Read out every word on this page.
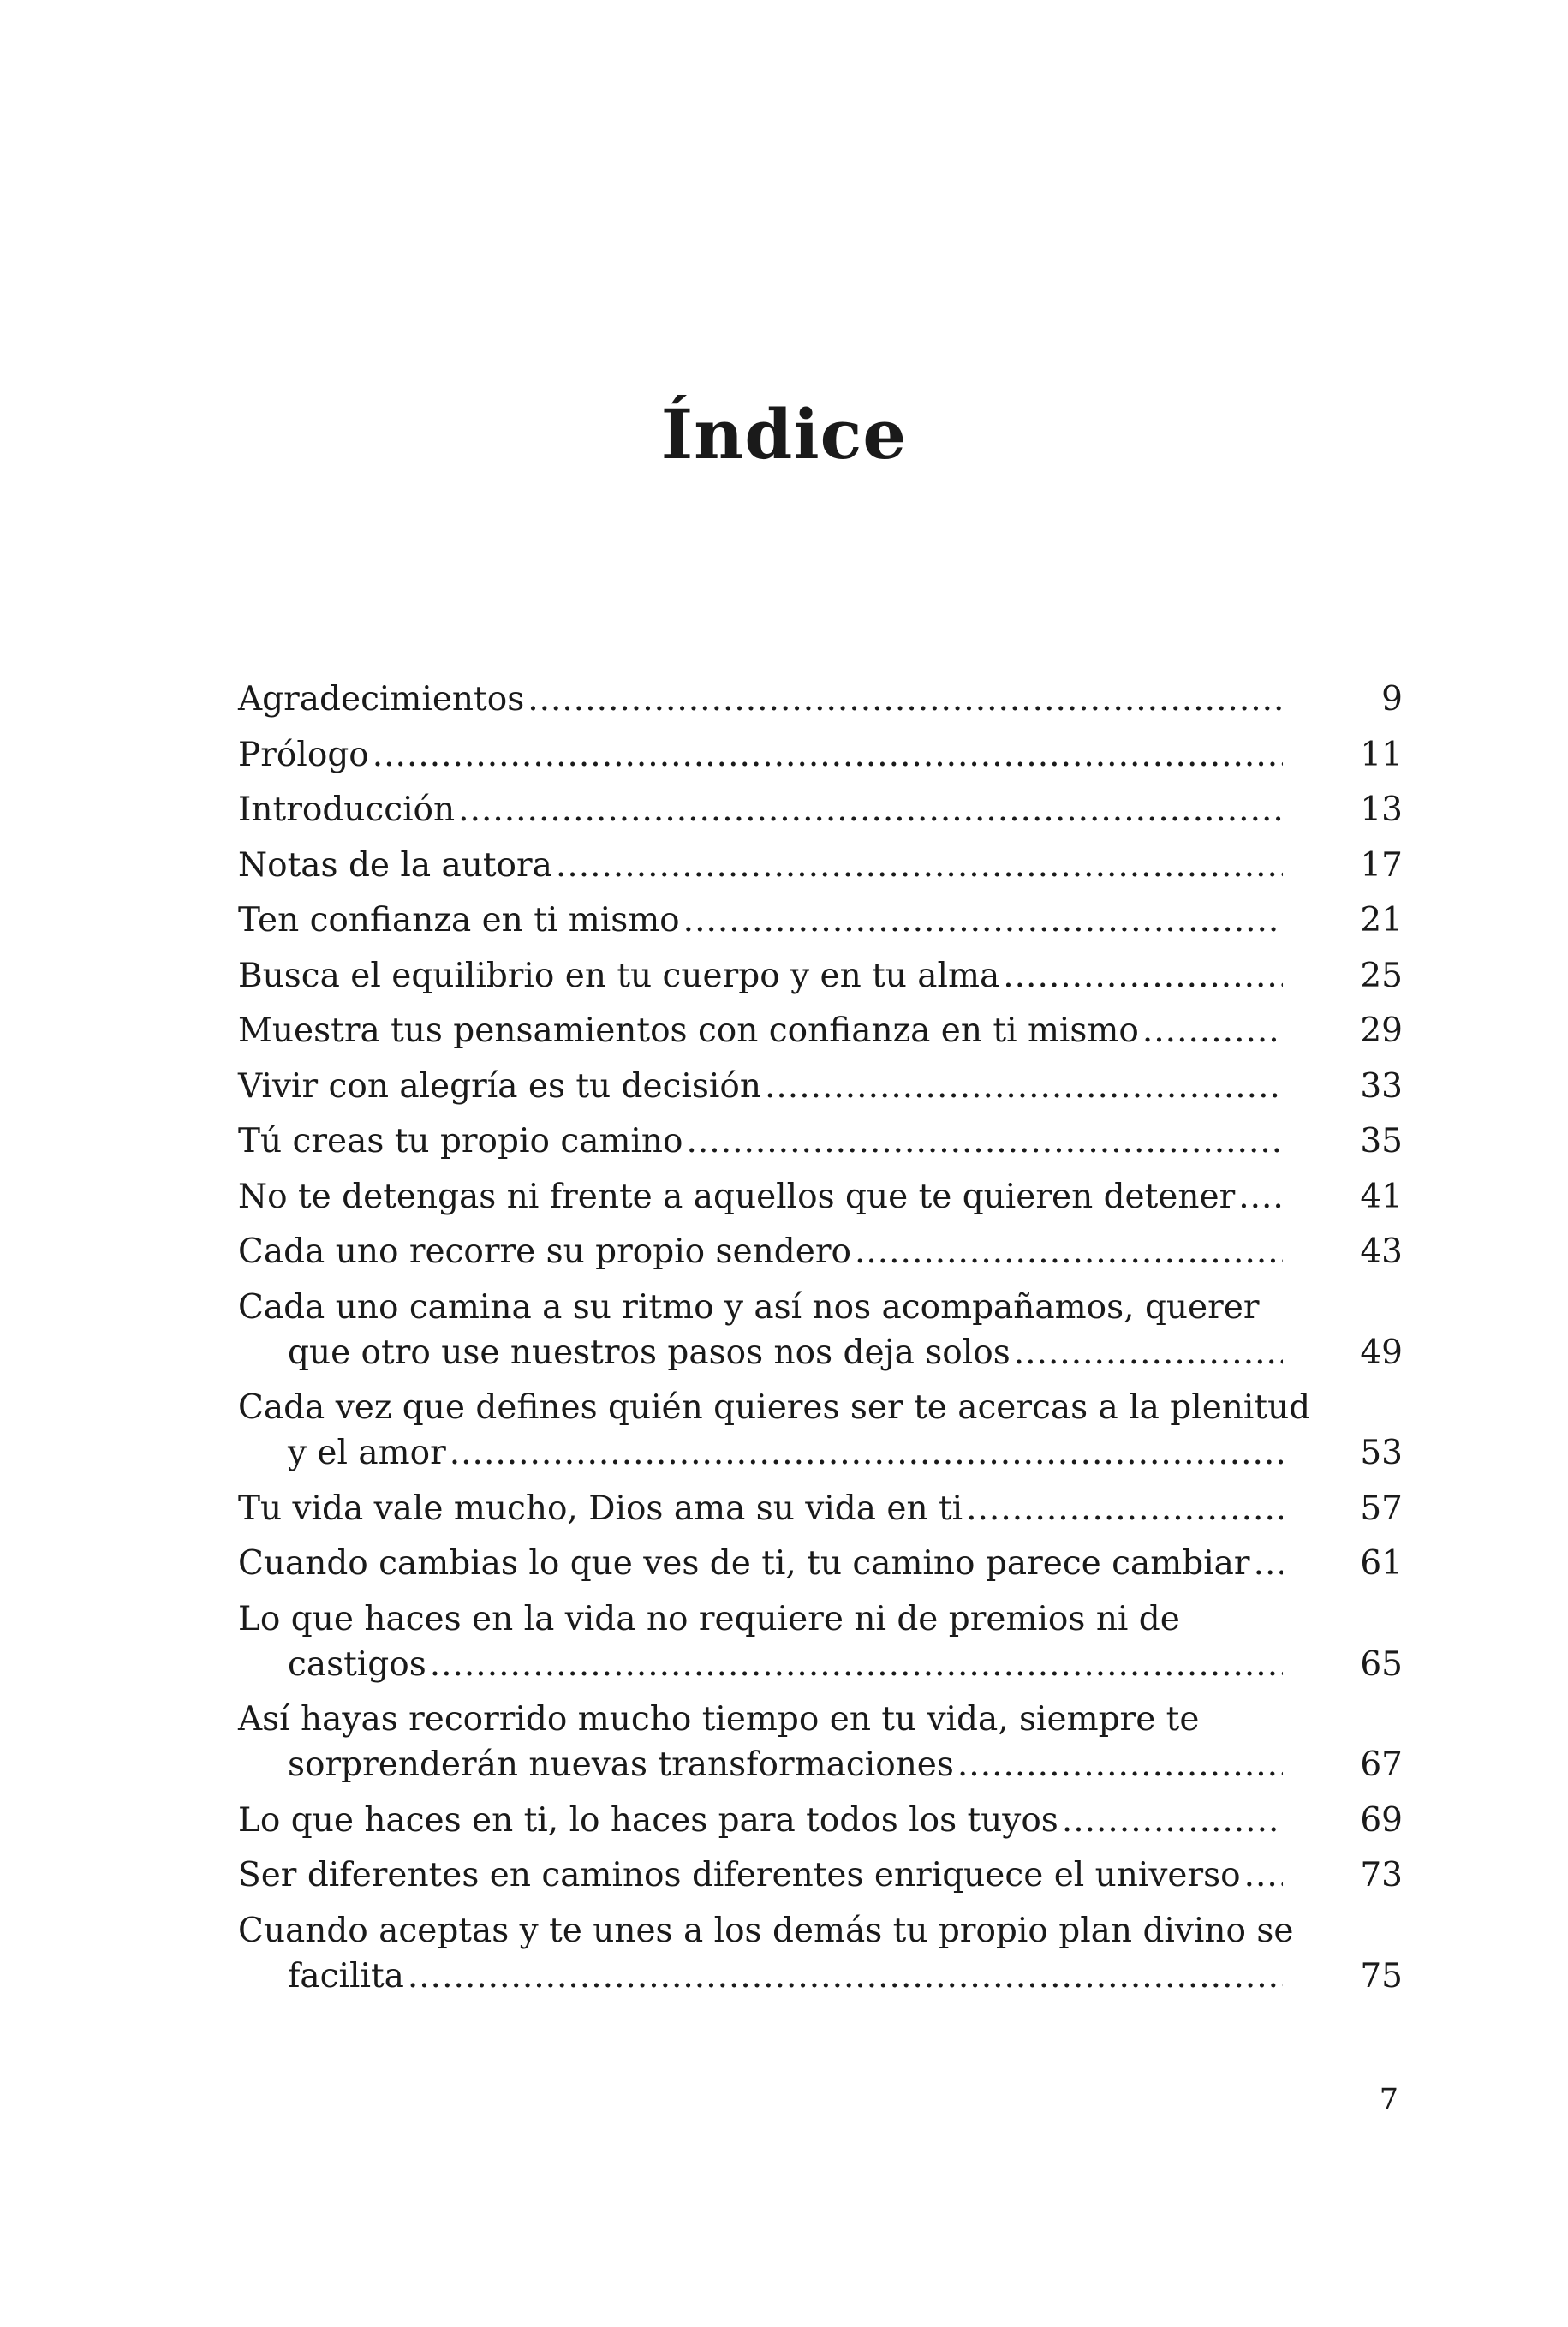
Índice
Agradecimientos .....	9
Prólogo .....	11
Introducción .....	13
Notas de la autora .....	17
Ten confianza en ti mismo .....	21
Busca el equilibrio en tu cuerpo y en tu alma .....	25
Muestra tus pensamientos con confianza en ti mismo .....	29
Vivir con alegría es tu decisión .....	33
Tú creas tu propio camino .....	35
No te detengas ni frente a aquellos que te quieren detener .....	41
Cada uno recorre su propio sendero .....	43
Cada uno camina a su ritmo y así nos acompañamos, querer
que otro use nuestros pasos nos deja solos .....	49
Cada vez que defines quién quieres ser te acercas a la plenitud
y el amor .....	53
Tu vida vale mucho, Dios ama su vida en ti .....	57
Cuando cambias lo que ves de ti, tu camino parece cambiar .....	61
Lo que haces en la vida no requiere ni de premios ni de
castigos .....	65
Así hayas recorrido mucho tiempo en tu vida, siempre te
sorprenderán nuevas transformaciones .....	67
Lo que haces en ti, lo haces para todos los tuyos .....	69
Ser diferentes en caminos diferentes enriquece el universo .....	73
Cuando aceptas y te unes a los demás tu propio plan divino se
facilita .....	75

7
